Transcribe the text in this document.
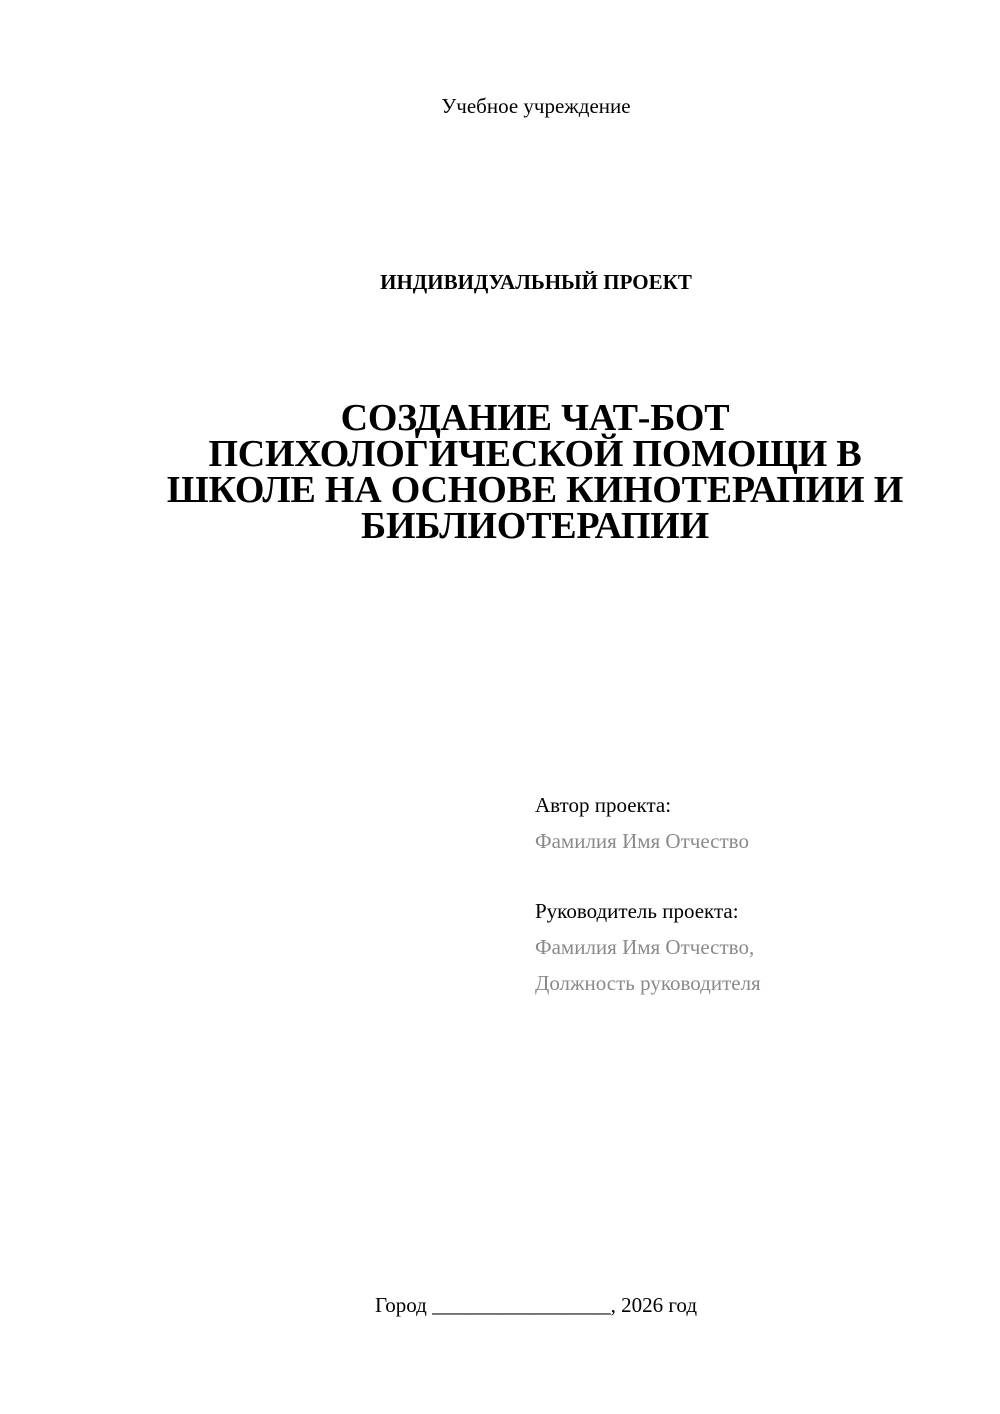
Учебное учреждение
ИНДИВИДУАЛЬНЫЙ ПРОЕКТ
СОЗДАНИЕ ЧАТ-БОТ
ПСИХОЛОГИЧЕСКОЙ ПОМОЩИ В
ШКОЛЕ НА ОСНОВЕ КИНОТЕРАПИИ И
БИБЛИОТЕРАПИИ
Автор проекта:
Фамилия Имя Отчество
Руководитель проекта:
Фамилия Имя Отчество,
Должность руководителя
Город _________________, 2026 год
